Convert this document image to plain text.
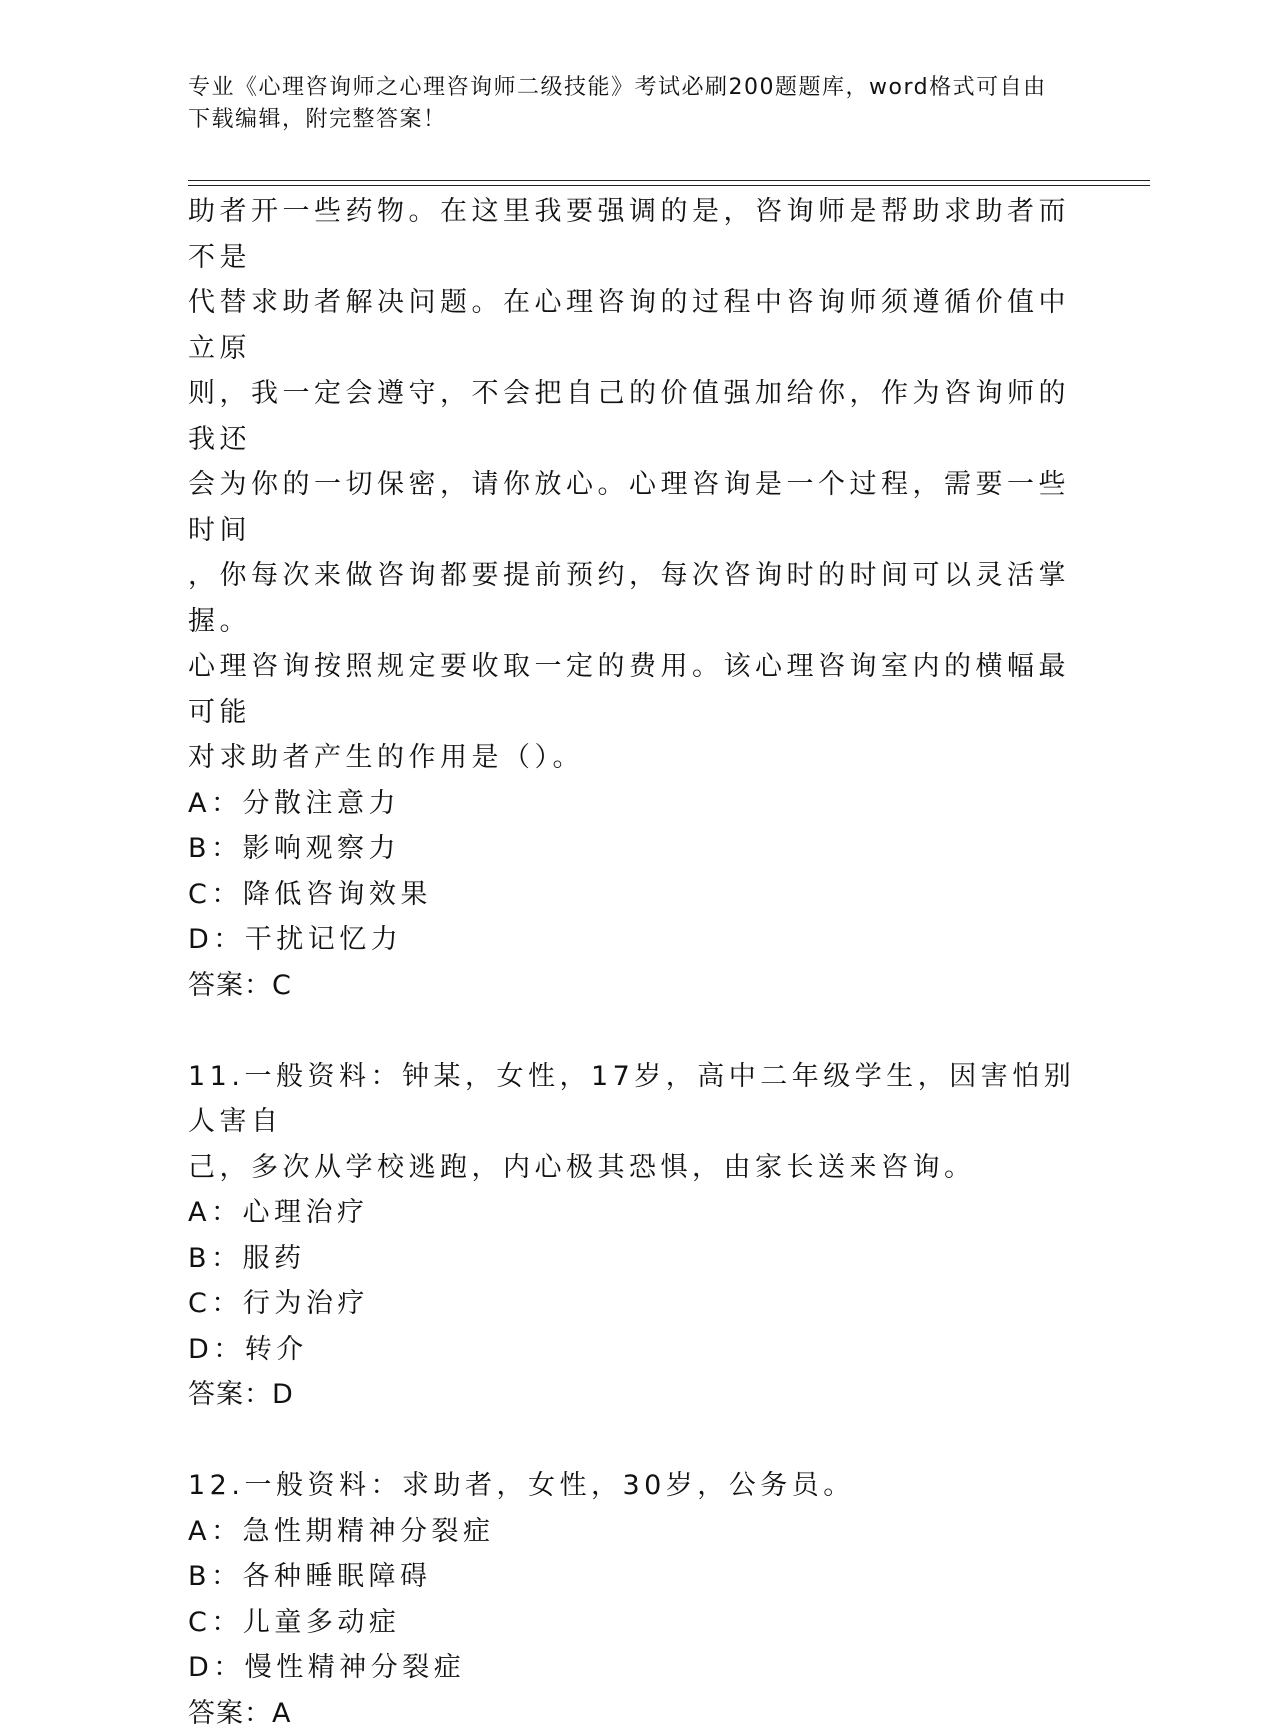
专业《心理咨询师之心理咨询师二级技能》考试必刷200题题库，word格式可自由下载编辑，附完整答案！

助者开一些药物。在这里我要强调的是，咨询师是帮助求助者而不是

代替求助者解决问题。在心理咨询的过程中咨询师须遵循价值中立原

则，我一定会遵守，不会把自己的价值强加给你，作为咨询师的我还

会为你的一切保密，请你放心。心理咨询是一个过程，需要一些时间

，你每次来做咨询都要提前预约，每次咨询时的时间可以灵活掌握。

心理咨询按照规定要收取一定的费用。该心理咨询室内的横幅最可能

对求助者产生的作用是（）。

A：分散注意力

B：影响观察力

C：降低咨询效果

D：干扰记忆力

答案：C

11.一般资料：钟某，女性，17岁，高中二年级学生，因害怕别人害自

己，多次从学校逃跑，内心极其恐惧，由家长送来咨询。

A：心理治疗

B：服药

C：行为治疗

D：转介

答案：D

12.一般资料：求助者，女性，30岁，公务员。

A：急性期精神分裂症

B：各种睡眠障碍

C：儿童多动症

D：慢性精神分裂症

答案：A
